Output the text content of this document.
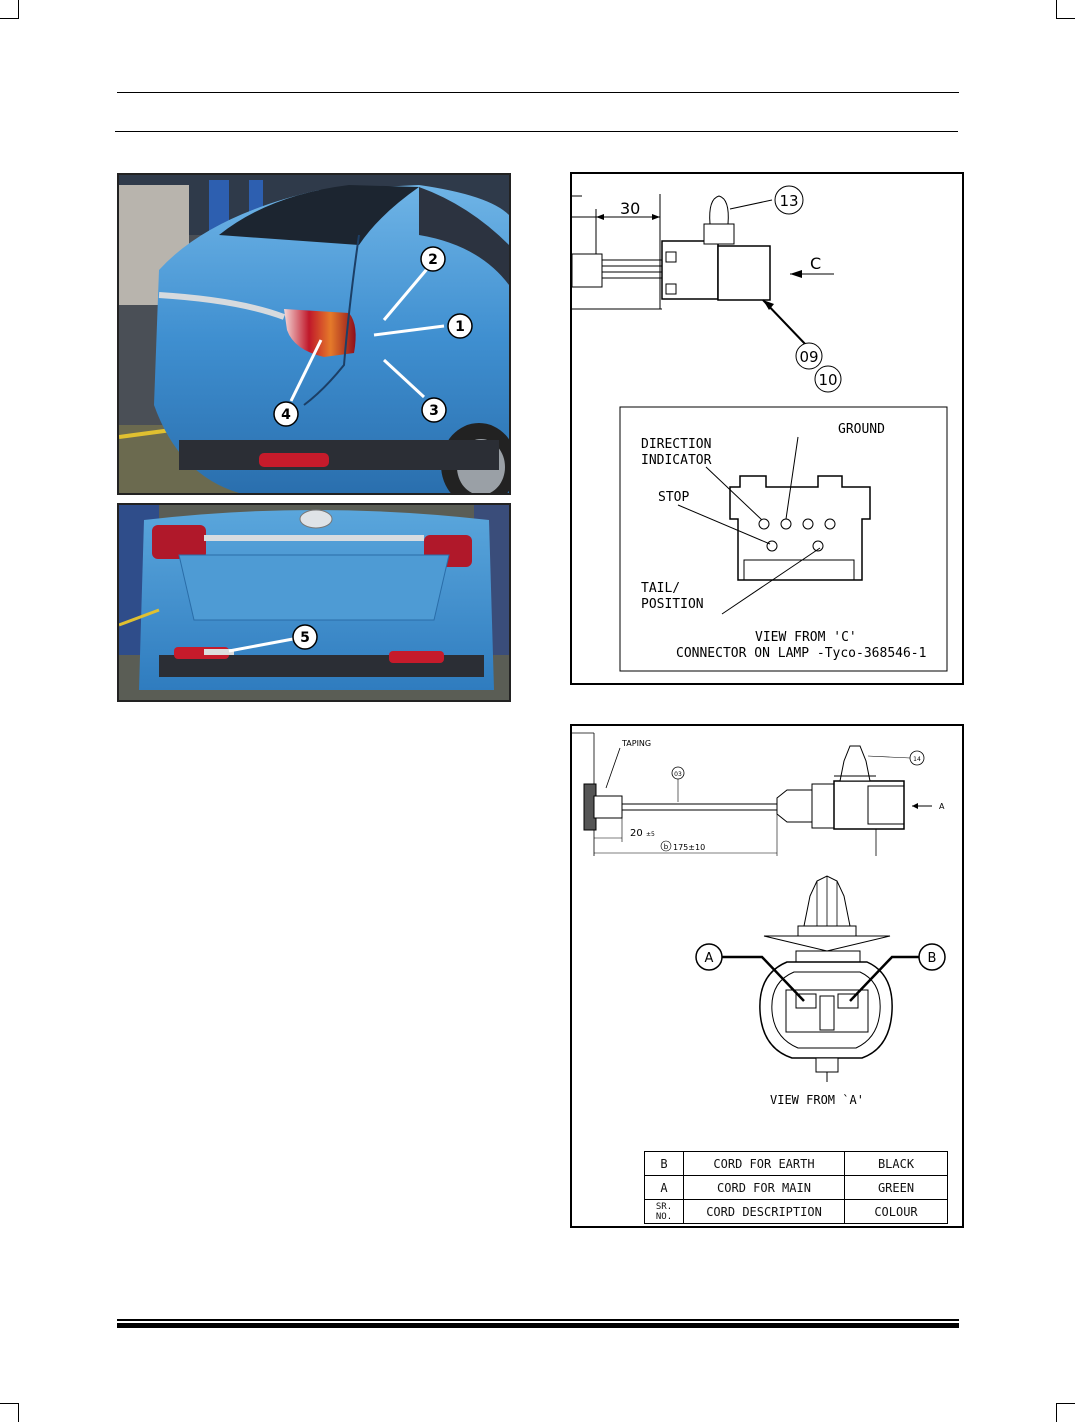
1
2
3
4
5
30	13
C
09
10
DIRECTION
INDICATOR
GROUND
STOP
TAIL/
POSITION
VIEW FROM 'C'
CONNECTOR ON LAMP -Tyco-368546-1
TAPING
03
14
A
20 ±5
b 175±10
A	B
VIEW FROM `A'
B	CORD FOR EARTH	BLACK
A	CORD FOR MAIN	GREEN
SR.
NO.	CORD DESCRIPTION	COLOUR
